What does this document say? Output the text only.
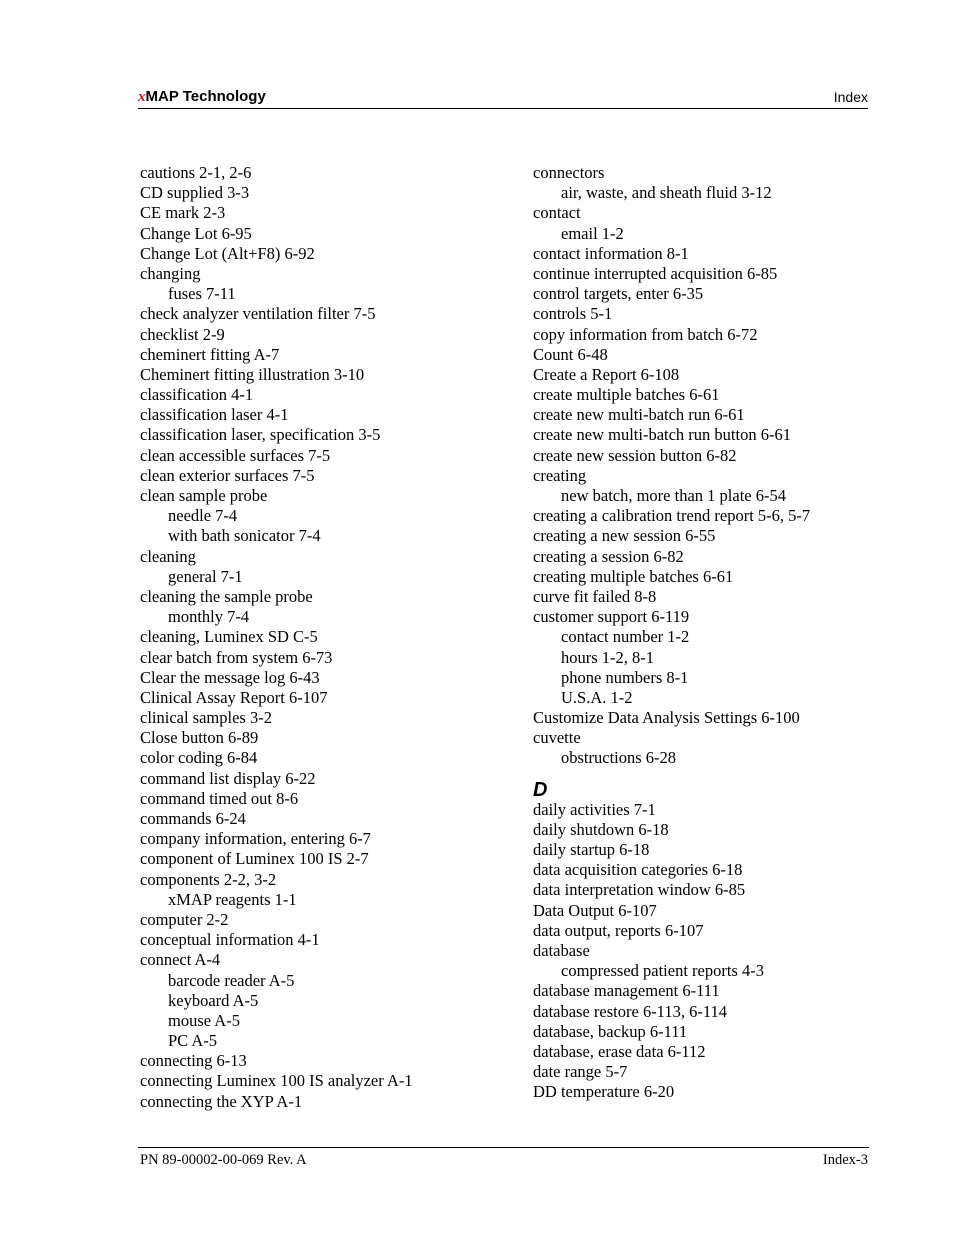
xMAP Technology	Index
cautions 2-1, 2-6
CD supplied 3-3
CE mark 2-3
Change Lot 6-95
Change Lot (Alt+F8) 6-92
changing
fuses 7-11
check analyzer ventilation filter 7-5
checklist 2-9
cheminert fitting A-7
Cheminert fitting illustration 3-10
classification 4-1
classification laser 4-1
classification laser, specification 3-5
clean accessible surfaces 7-5
clean exterior surfaces 7-5
clean sample probe
needle 7-4
with bath sonicator 7-4
cleaning
general 7-1
cleaning the sample probe
monthly 7-4
cleaning, Luminex SD C-5
clear batch from system 6-73
Clear the message log 6-43
Clinical Assay Report 6-107
clinical samples 3-2
Close button 6-89
color coding 6-84
command list display 6-22
command timed out 8-6
commands 6-24
company information, entering 6-7
component of Luminex 100 IS 2-7
components 2-2, 3-2
xMAP reagents 1-1
computer 2-2
conceptual information 4-1
connect A-4
barcode reader A-5
keyboard A-5
mouse A-5
PC A-5
connecting 6-13
connecting Luminex 100 IS analyzer A-1
connecting the XYP A-1
connectors
air, waste, and sheath fluid 3-12
contact
email 1-2
contact information 8-1
continue interrupted acquisition 6-85
control targets, enter 6-35
controls 5-1
copy information from batch 6-72
Count 6-48
Create a Report 6-108
create multiple batches 6-61
create new multi-batch run 6-61
create new multi-batch run button 6-61
create new session button 6-82
creating
new batch, more than 1 plate 6-54
creating a calibration trend report 5-6, 5-7
creating a new session 6-55
creating a session 6-82
creating multiple batches 6-61
curve fit failed 8-8
customer support 6-119
contact number 1-2
hours 1-2, 8-1
phone numbers 8-1
U.S.A. 1-2
Customize Data Analysis Settings 6-100
cuvette
obstructions 6-28
D
daily activities 7-1
daily shutdown 6-18
daily startup 6-18
data acquisition categories 6-18
data interpretation window 6-85
Data Output 6-107
data output, reports 6-107
database
compressed patient reports 4-3
database management 6-111
database restore 6-113, 6-114
database, backup 6-111
database, erase data 6-112
date range 5-7
DD temperature 6-20
PN 89-00002-00-069 Rev. A	Index-3
